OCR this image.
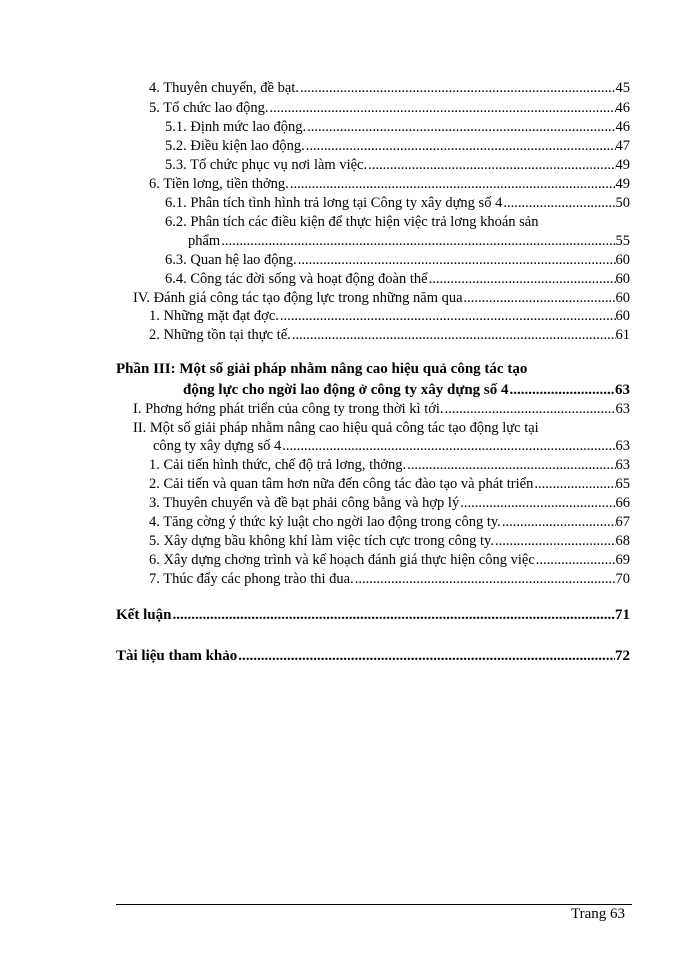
4. Thuyên chuyển, đề bạt. .....	45
5. Tổ chức lao động. .....	46
5.1. Định mức lao động. .....	46
5.2. Điều kiện lao động. .....	47
5.3. Tổ chức phục vụ nơi làm việc. .....	49
6. Tiền lơng, tiền thởng. .....	49
6.1. Phân tích tình hình trả lơng tại Công ty xây dựng số 4 .....	50
6.2. Phân tích các điều kiện để thực hiện việc trả lơng khoán sản
phẩm .....	55
6.3. Quan hệ lao động. .....	60
6.4. Công tác đời sống và hoạt động đoàn thể .....	60
IV. Đánh giá công tác tạo động lực trong những năm qua .....	60
1. Những mặt đạt đợc. .....	60
2. Những tồn tại thực tế. .....	61
Phần III: Một số giải pháp nhằm nâng cao hiệu quả công tác tạo
động lực cho ngời lao động ở công ty xây dựng số 4 .....	63
I. Phơng hớng phát triển của công ty trong thời kì tới. .....	63
II. Một số giải pháp nhằm nâng cao hiệu quả công tác tạo động lực tại
công ty xây dựng số 4 .....	63
1. Cải tiến hình thức, chế độ trả lơng, thởng. .....	63
2. Cải tiến và quan tâm hơn nữa đến công tác đào tạo và phát triển .....	65
3. Thuyên chuyển và đề bạt phải công bằng và hợp lý .....	66
4. Tăng cờng ý thức kỷ luật cho ngời lao động trong công ty. .....	67
5. Xây dựng bầu không khí làm việc tích cực trong công ty. .....	68
6. Xây dựng chơng trình và kế hoạch đánh giá thực hiện công việc .....	69
7. Thúc đẩy các phong trào thi đua. .....	70
Kết luận .....	71
Tài liệu tham khảo .....	72
Trang 63
